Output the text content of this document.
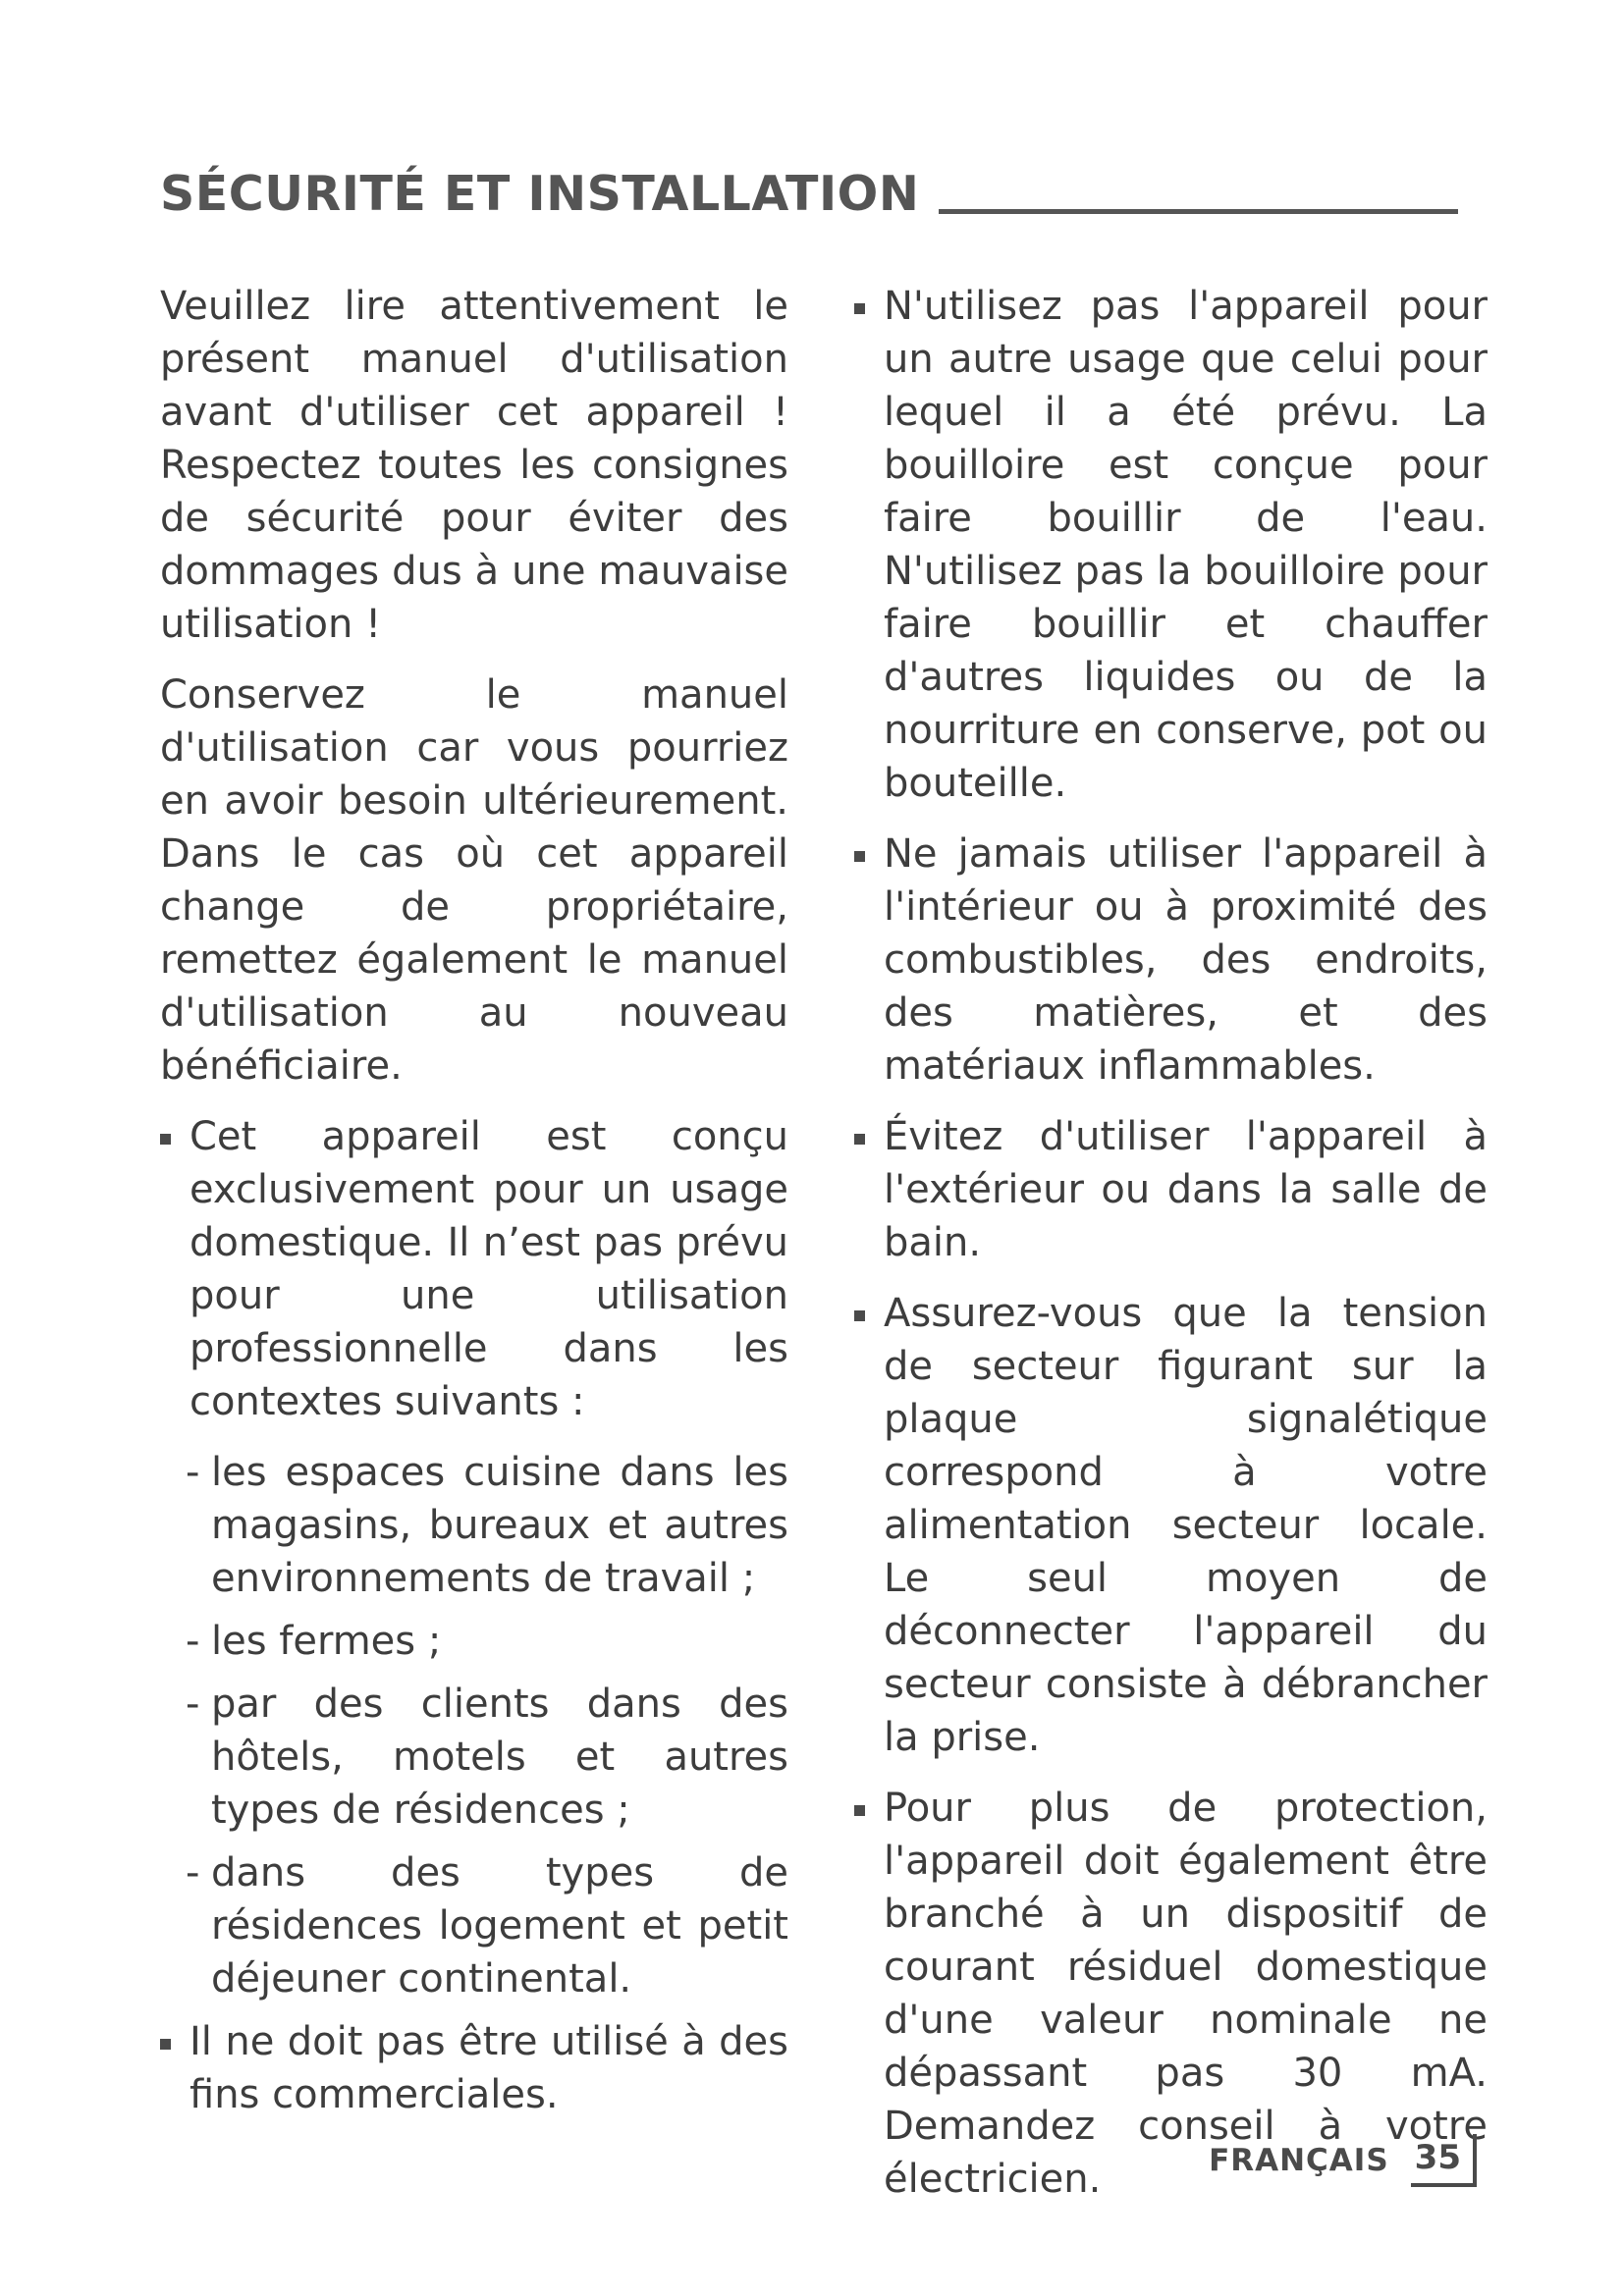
SÉCURITÉ ET INSTALLATION

Veuillez lire attentivement le présent manuel d'utilisation avant d'utiliser cet appareil ! Respectez toutes les consignes de sécurité pour éviter des dommages dus à une mauvaise utilisation !

Conservez le manuel d'utilisation car vous pourriez en avoir besoin ultérieurement. Dans le cas où cet appareil change de propriétaire, remettez également le manuel d'utilisation au nouveau bénéficiaire.

Cet appareil est conçu exclusivement pour un usage domestique. Il n’est pas prévu pour une utilisation professionnelle dans les contextes suivants :
- les espaces cuisine dans les magasins, bureaux et autres environnements de travail ;
- les fermes ;
- par des clients dans des hôtels, motels et autres types de résidences ;
- dans des types de résidences logement et petit déjeuner continental.
Il ne doit pas être utilisé à des fins commerciales.
N'utilisez pas l'appareil pour un autre usage que celui pour lequel il a été prévu. La bouilloire est conçue pour faire bouillir de l'eau. N'utilisez pas la bouilloire pour faire bouillir et chauffer d'autres liquides ou de la nourriture en conserve, pot ou bouteille.
Ne jamais utiliser l'appareil à l'intérieur ou à proximité des combustibles, des endroits, des matières, et des matériaux inflammables.
Évitez d'utiliser l'appareil à l'extérieur ou dans la salle de bain.
Assurez-vous que la tension de secteur figurant sur la plaque signalétique correspond à votre alimentation secteur locale. Le seul moyen de déconnecter l'appareil du secteur consiste à débrancher la prise.
Pour plus de protection, l'appareil doit également être branché à un dispositif de courant résiduel domestique d'une valeur nominale ne dépassant pas 30 mA. Demandez conseil à votre électricien.	FRANÇAIS 35
